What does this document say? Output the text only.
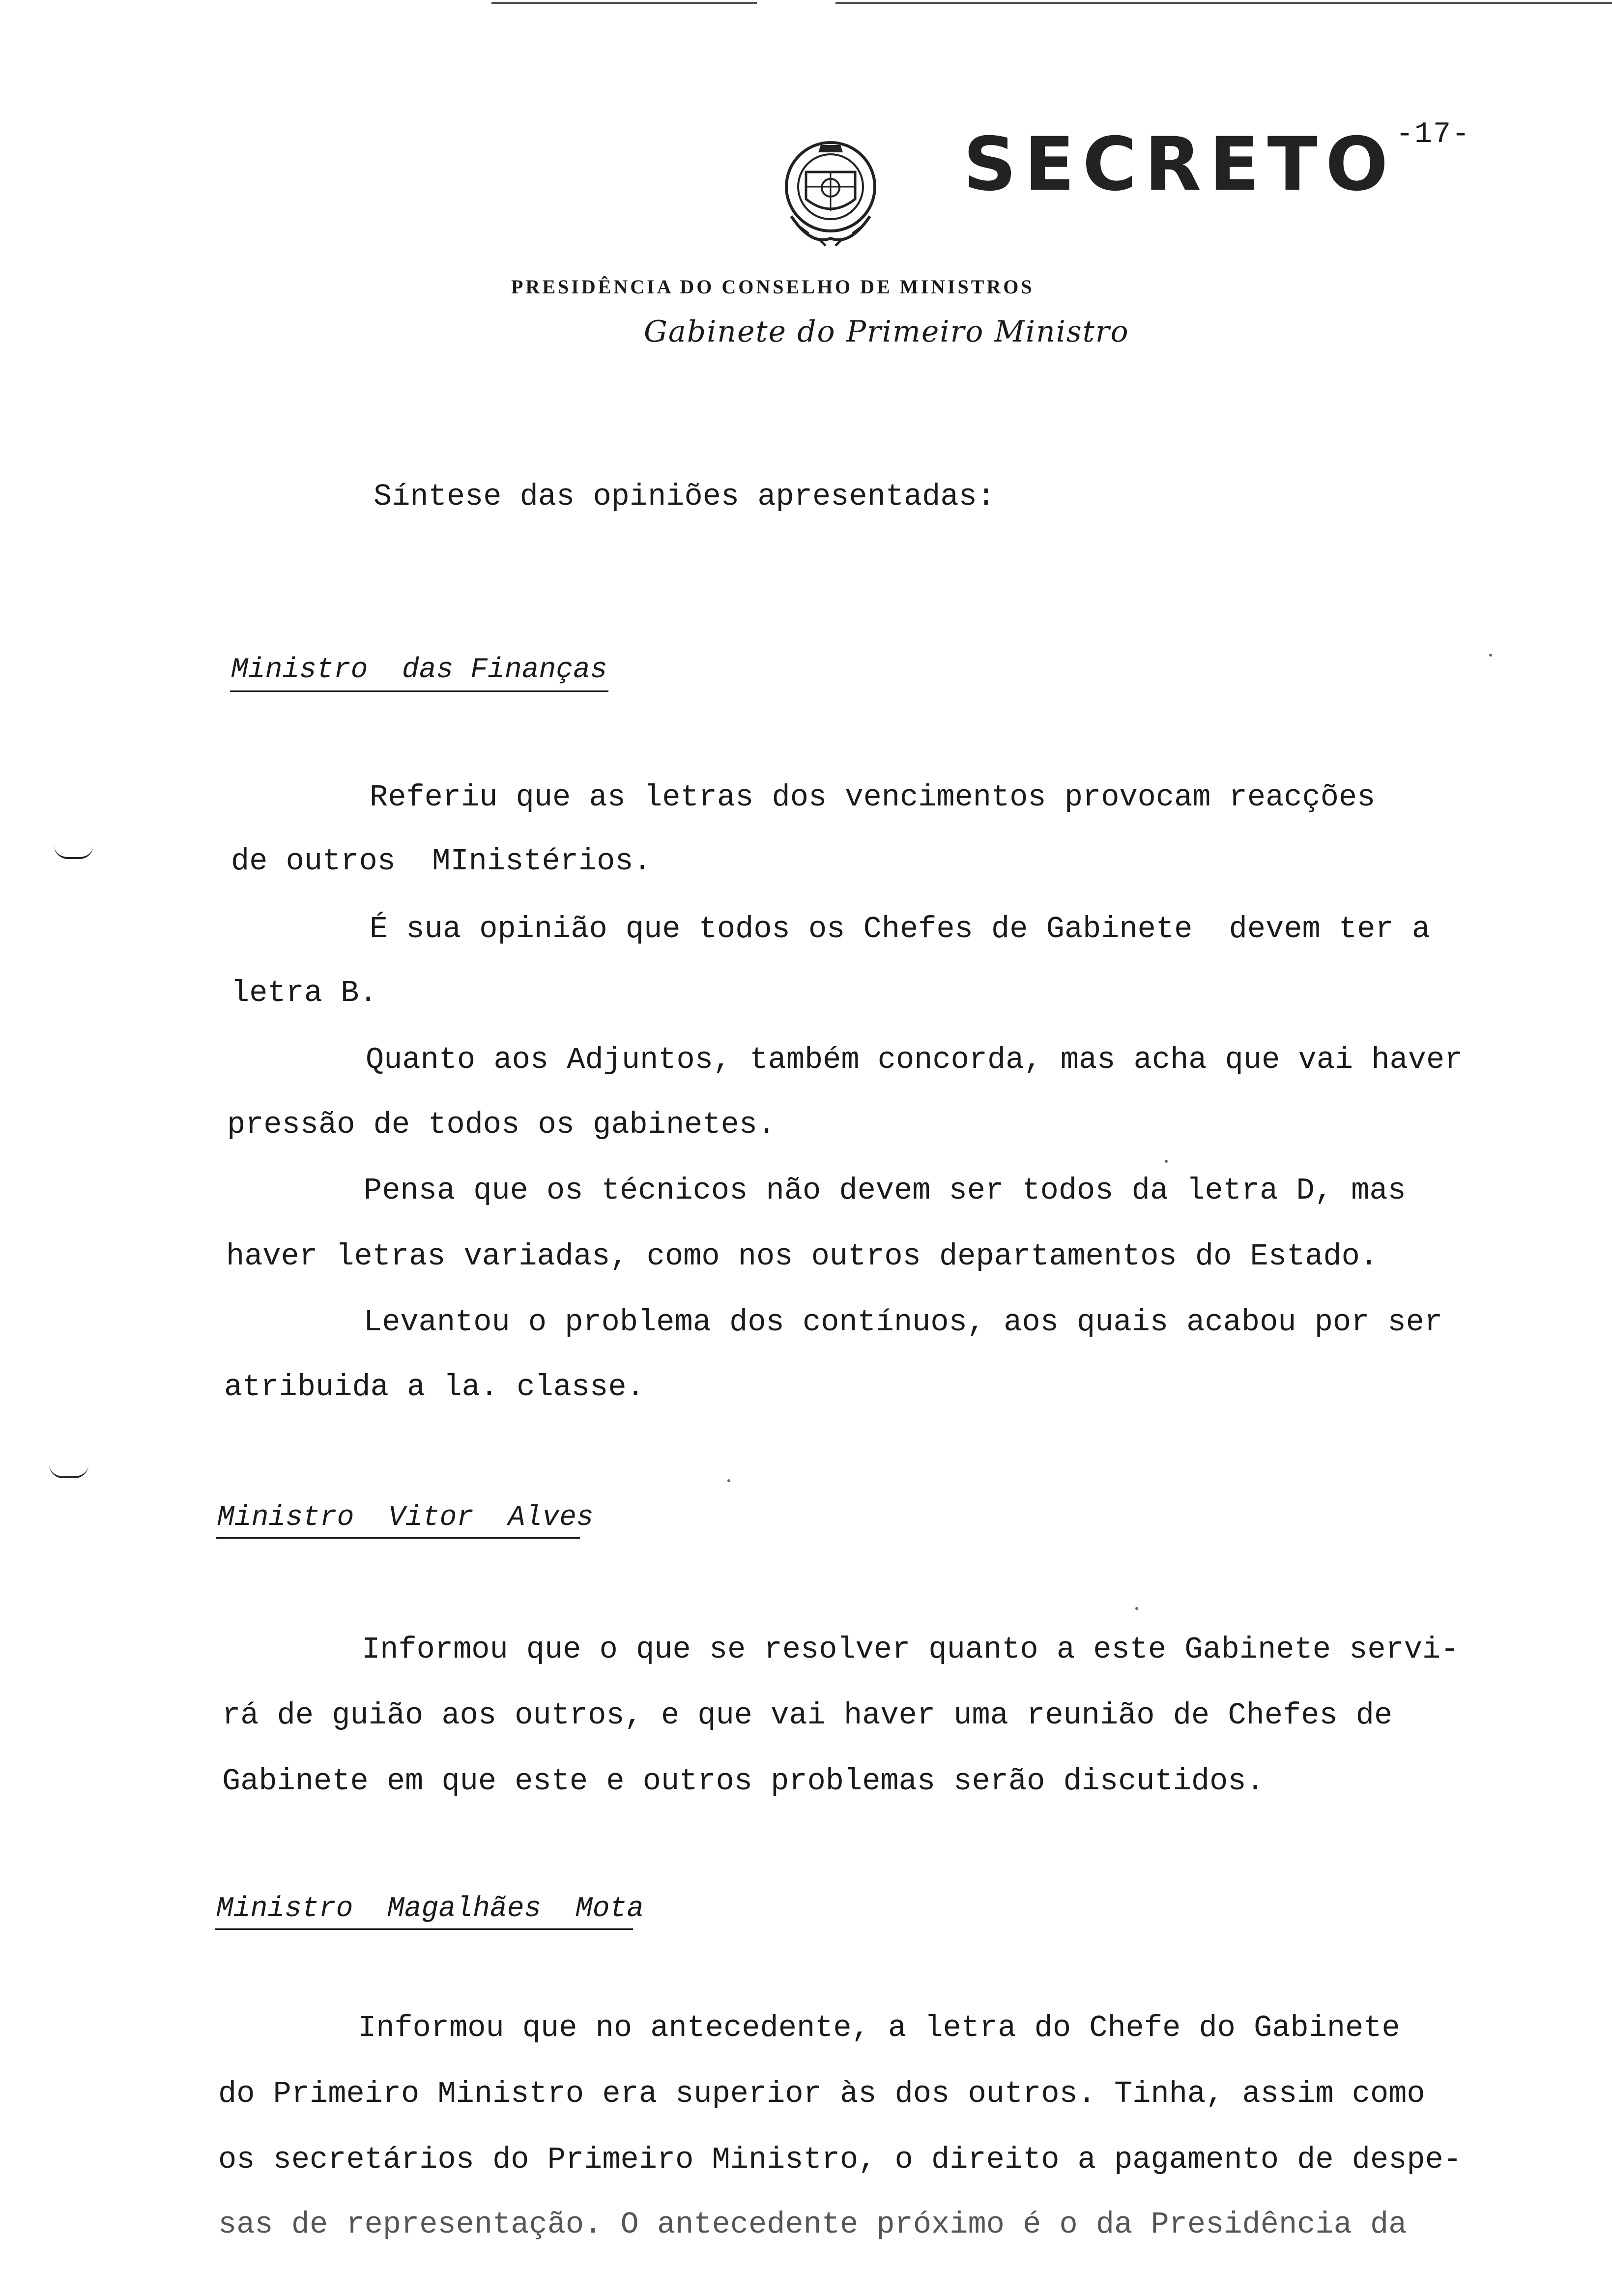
SECRETO -17-
PRESIDÊNCIA DO CONSELHO DE MINISTROS
Gabinete do Primeiro Ministro
Síntese das opiniões apresentadas:
Ministro  das Finanças
Referiu que as letras dos vencimentos provocam reacções
de outros  MInistérios.
É sua opinião que todos os Chefes de Gabinete  devem ter a
letra B.
Quanto aos Adjuntos, também concorda, mas acha que vai haver
pressão de todos os gabinetes.
Pensa que os técnicos não devem ser todos da letra D, mas
haver letras variadas, como nos outros departamentos do Estado.
Levantou o problema dos contínuos, aos quais acabou por ser
atribuida a la. classe.
Ministro  Vitor  Alves
Informou que o que se resolver quanto a este Gabinete servi-
rá de guião aos outros, e que vai haver uma reunião de Chefes de
Gabinete em que este e outros problemas serão discutidos.
Ministro  Magalhães  Mota
Informou que no antecedente, a letra do Chefe do Gabinete
do Primeiro Ministro era superior às dos outros. Tinha, assim como
os secretários do Primeiro Ministro, o direito a pagamento de despe-
sas de representação. O antecedente próximo é o da Presidência da
